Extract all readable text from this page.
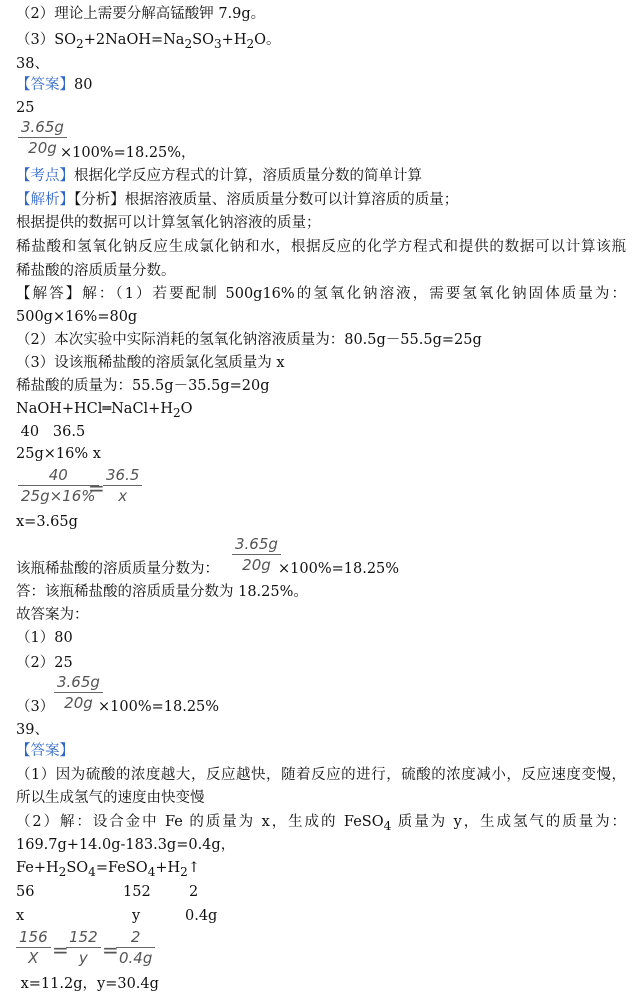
（2）理论上需要分解高锰酸钾 7.9g。
$(3)SO_2+2NaOH=Na_2SO_3+H_2O$。
38、
【答案】80
25
3.65g
20g ×100%=18.25%，
【考点】根据化学反应方程式的计算，溶质质量分数的简单计算
【解析】【分析】根据溶液质量、溶质质量分数可以计算溶质的质量；
根据提供的数据可以计算氢氧化钠溶液的质量；
稀盐酸和氢氧化钠反应生成氯化钠和水，根据反应的化学方程式和提供的数据可以计算该瓶
稀盐酸的溶质质量分数。
【解答】解：（1）若要配制 500g16%的氢氧化钠溶液，需要氢氧化钠固体质量为：
500g×16%=80g
（2）本次实验中实际消耗的氢氧化钠溶液质量为：80.5g－55.5g=25g
（3）设该瓶稀盐酸的溶质氯化氢质量为 x
稀盐酸的质量为：55.5g－35.5g=20g
$NaOH+HCl═NaCl+H_2O$
40   36.5
25g×16% x
40
25g×16%
=
36.5
x
x=3.65g
3.65g
20g
该瓶稀盐酸的溶质质量分数为：	×100%=18.25%
答：该瓶稀盐酸的溶质质量分数为 18.25%。
故答案为：
（1）80
（2）25
（3）
3.65g
20g ×100%=18.25%
39、
【答案】
（1）因为硫酸的浓度越大，反应越快，随着反应的进行，硫酸的浓度减小，反应速度变慢，
所以生成氢气的速度由快变慢
（2）解：设合金中 Fe 的质量为 x，生成的 FeSO$_4$ 质量为 y，生成氢气的质量为：
169.7g+14.0g-183.3g=0.4g，
$Fe+H_2SO_4=FeSO_4+H_2↑$
56	152	2
x	y	0.4g
156
X =
152
y =
2
0.4g
x=11.2g，y=30.4g
